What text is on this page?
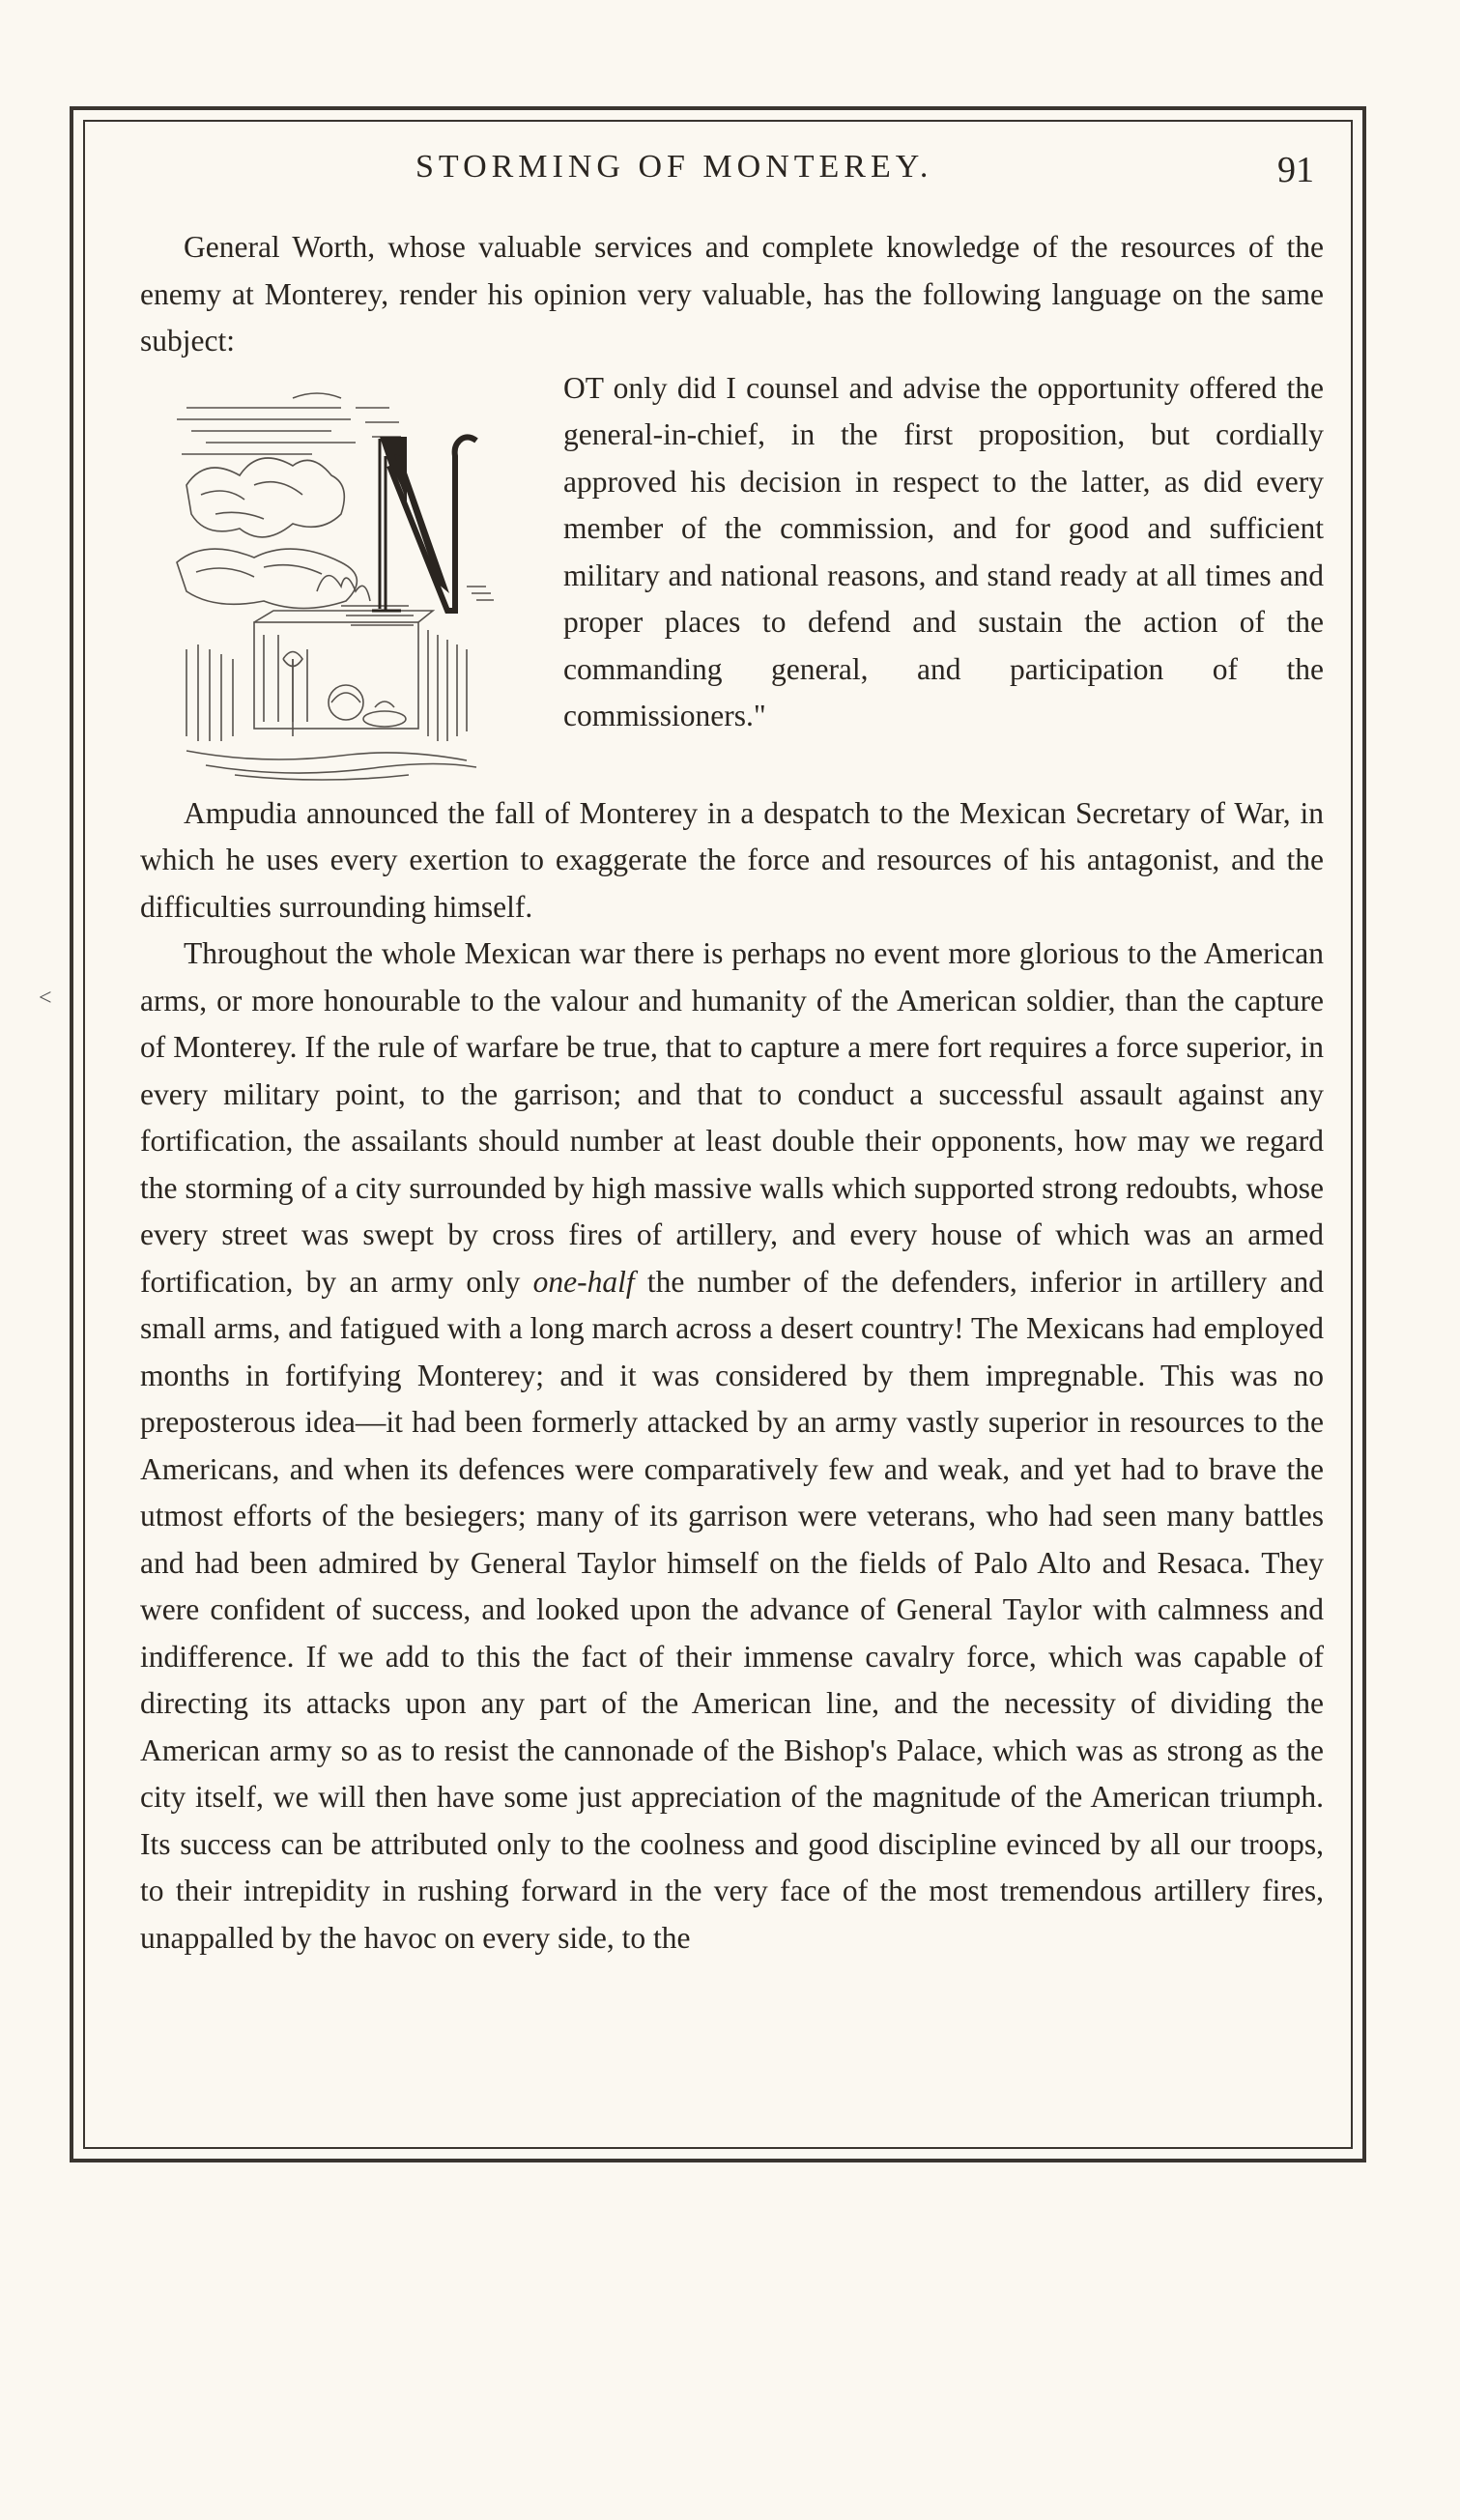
<
STORMING OF MONTEREY.	91

General Worth, whose valuable services and complete knowledge of the resources of the enemy at Monterey, render his opinion very valuable, has the following language on the same subject:

N

OT only did I counsel and advise the opportunity offered the general-in-chief, in the first proposition, but cordially approved his decision in respect to the latter, as did every member of the commission, and for good and sufficient military and national reasons, and stand ready at all times and proper places to defend and sustain the action of the commanding general, and participation of the commissioners."

Ampudia announced the fall of Monterey in a despatch to the Mexican Secretary of War, in which he uses every exertion to exaggerate the force and resources of his antagonist, and the difficulties surrounding himself.

Throughout the whole Mexican war there is perhaps no event more glorious to the American arms, or more honourable to the valour and humanity of the American soldier, than the capture of Monterey. If the rule of warfare be true, that to capture a mere fort requires a force superior, in every military point, to the garrison; and that to conduct a successful assault against any fortification, the assailants should number at least double their opponents, how may we regard the storming of a city surrounded by high massive walls which supported strong redoubts, whose every street was swept by cross fires of artillery, and every house of which was an armed fortification, by an army only one-half the number of the defenders, inferior in artillery and small arms, and fatigued with a long march across a desert country! The Mexicans had employed months in fortifying Monterey; and it was considered by them impregnable. This was no preposterous idea—it had been formerly attacked by an army vastly superior in resources to the Americans, and when its defences were comparatively few and weak, and yet had to brave the utmost efforts of the besiegers; many of its garrison were veterans, who had seen many battles and had been admired by General Taylor himself on the fields of Palo Alto and Resaca. They were confident of success, and looked upon the advance of General Taylor with calmness and indifference. If we add to this the fact of their immense cavalry force, which was capable of directing its attacks upon any part of the American line, and the necessity of dividing the American army so as to resist the cannonade of the Bishop's Palace, which was as strong as the city itself, we will then have some just appreciation of the magnitude of the American triumph. Its success can be attributed only to the coolness and good discipline evinced by all our troops, to their intrepidity in rushing forward in the very face of the most tremendous artillery fires, unappalled by the havoc on every side, to the
